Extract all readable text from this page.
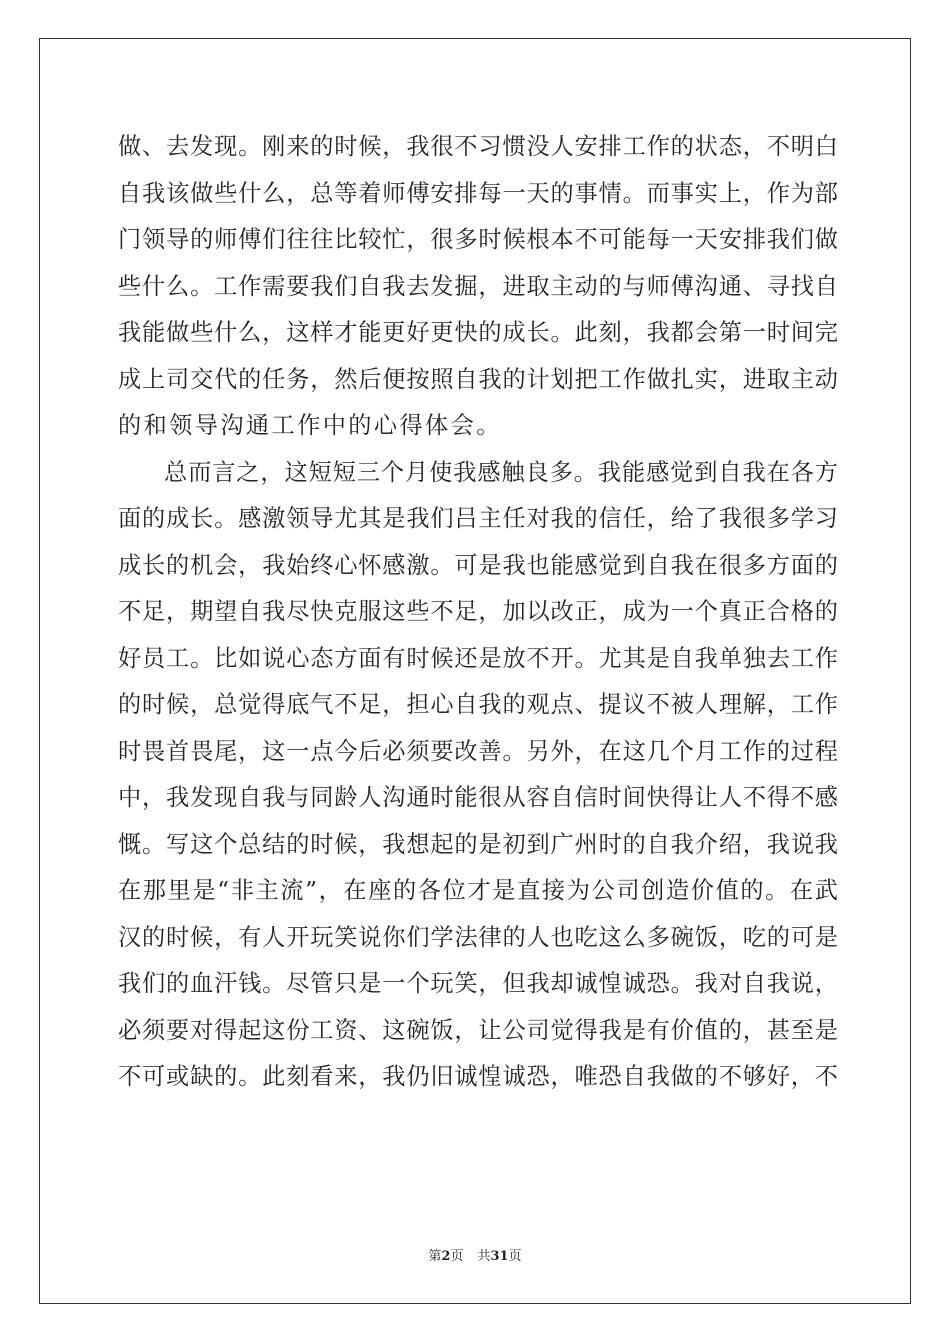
做、去发现。刚来的时候，我很不习惯没人安排工作的状态，不明白
自我该做些什么，总等着师傅安排每一天的事情。而事实上，作为部
门领导的师傅们往往比较忙，很多时候根本不可能每一天安排我们做
些什么。工作需要我们自我去发掘，进取主动的与师傅沟通、寻找自
我能做些什么，这样才能更好更快的成长。此刻，我都会第一时间完
成上司交代的任务，然后便按照自我的计划把工作做扎实，进取主动
的和领导沟通工作中的心得体会。
总而言之，这短短三个月使我感触良多。我能感觉到自我在各方
面的成长。感激领导尤其是我们吕主任对我的信任，给了我很多学习
成长的机会，我始终心怀感激。可是我也能感觉到自我在很多方面的
不足，期望自我尽快克服这些不足，加以改正，成为一个真正合格的
好员工。比如说心态方面有时候还是放不开。尤其是自我单独去工作
的时候，总觉得底气不足，担心自我的观点、提议不被人理解，工作
时畏首畏尾，这一点今后必须要改善。另外，在这几个月工作的过程
中，我发现自我与同龄人沟通时能很从容自信时间快得让人不得不感
慨。写这个总结的时候，我想起的是初到广州时的自我介绍，我说我
在那里是“非主流”，在座的各位才是直接为公司创造价值的。在武
汉的时候，有人开玩笑说你们学法律的人也吃这么多碗饭，吃的可是
我们的血汗钱。尽管只是一个玩笑，但我却诚惶诚恐。我对自我说，
必须要对得起这份工资、这碗饭，让公司觉得我是有价值的，甚至是
不可或缺的。此刻看来，我仍旧诚惶诚恐，唯恐自我做的不够好，不
第2页 共31页
